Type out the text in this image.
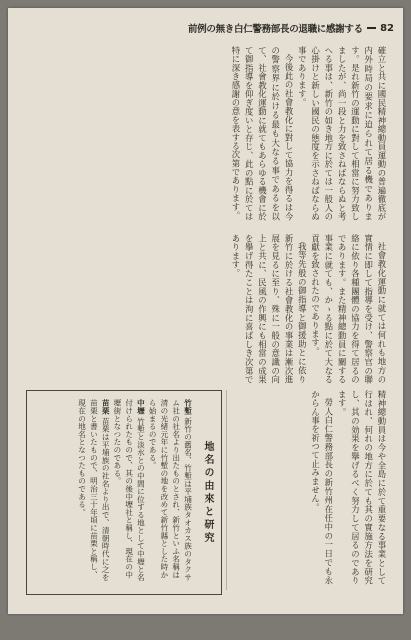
前例の無き白仁警務部長の退職に感謝する 82

確立と共に國民精神總動員運動の普遍徹底が内外時局の要求に迫られて居る機であります。是れ新竹の運動に對して相當に努力致しましたが、尚一段と力を致さねばならぬと考へる事は、新竹の如き地方に於ては一般人の心掛けと新しい國民の態度を示さねばならぬ事であります。

今後此の社會教化に對して協力を得るは今の警察界に於ける最も大なる事であるを以て、社會教化運動に就てもあらゆる機會に於て御指導を仰ぎ度いと存じ、此の點に於ては特に深き感謝の意を表する次第であります。

社會教化運動に就ては何れも地方の實情に即して指導を受け、警察官の聯絡に依り各種團體の協力を得て居るのであります。また精神總動員に關する事業に就ても、かゝる點に於て大なる貢獻を致されたのであります。

我等先般の御指導と御援助とに依り新竹に於ける社會教化の事業は漸次進展を見るに至り、殊に一般の意識の向上と共に、民風の作興にも相當の成果を擧げ得たことは洵に喜ばしき次第であります。

精神總動員は今や全島に於て重要なる事業として行はれ、何れの地方に於ても其の實施方法を研究し、其の効果を擧げるべく努力して居るのであります。

勞人白仁警務部長の新竹州在任中の一日でも永からん事を祈つて止みません。

地名の由來と研究

竹塹 新竹の舊名、竹塹は平埔族タオカス族のタクサム社の社名より出たものとされ、新竹といふ名稱は清の光緒元年に竹塹の地を改めて新竹縣とした時から始まるのである。

中壢 竹塹と淡水との中間に位する地として中壢と名付けられたもので、其の後中壢社と稱し、現在の中壢街となつたのである。

苗栗 苗栗は平埔族の社名より出で、清朝時代に之を苗栗と書いたもので、明治三十年頃に苗栗と稱し、現在の地名となつたものである。
